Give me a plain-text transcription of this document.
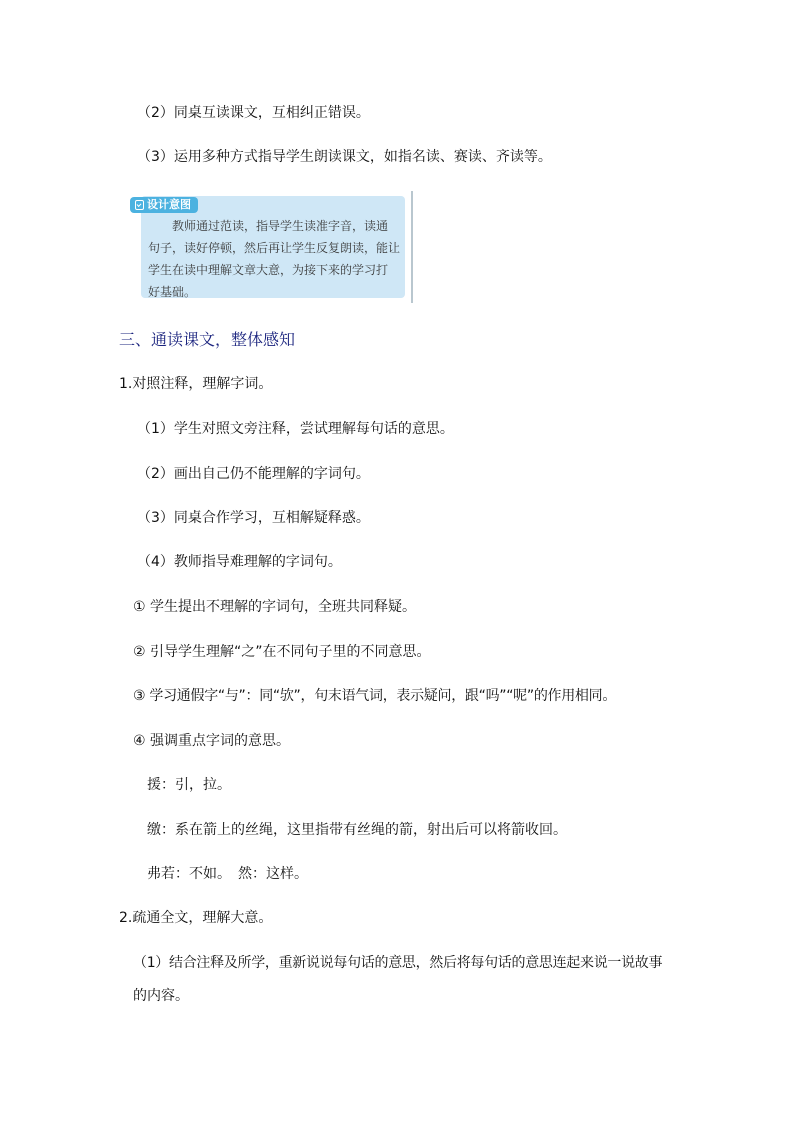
（2）同桌互读课文，互相纠正错误。
（3）运用多种方式指导学生朗读课文，如指名读、赛读、齐读等。
设计意图
　　教师通过范读，指导学生读准字音，读通
句子，读好停顿，然后再让学生反复朗读，能让
学生在读中理解文章大意，为接下来的学习打
好基础。
三、通读课文，整体感知
1.对照注释，理解字词。
（1）学生对照文旁注释，尝试理解每句话的意思。
（2）画出自己仍不能理解的字词句。
（3）同桌合作学习，互相解疑释惑。
（4）教师指导难理解的字词句。
① 学生提出不理解的字词句，全班共同释疑。
② 引导学生理解“之”在不同句子里的不同意思。
③ 学习通假字“与”：同“欤”，句末语气词，表示疑问，跟“吗”“呢”的作用相同。
④ 强调重点字词的意思。
援：引，拉。
缴：系在箭上的丝绳，这里指带有丝绳的箭，射出后可以将箭收回。
弗若：不如。　然：这样。
2.疏通全文，理解大意。
（1）结合注释及所学，重新说说每句话的意思，然后将每句话的意思连起来说一说故事
的内容。
